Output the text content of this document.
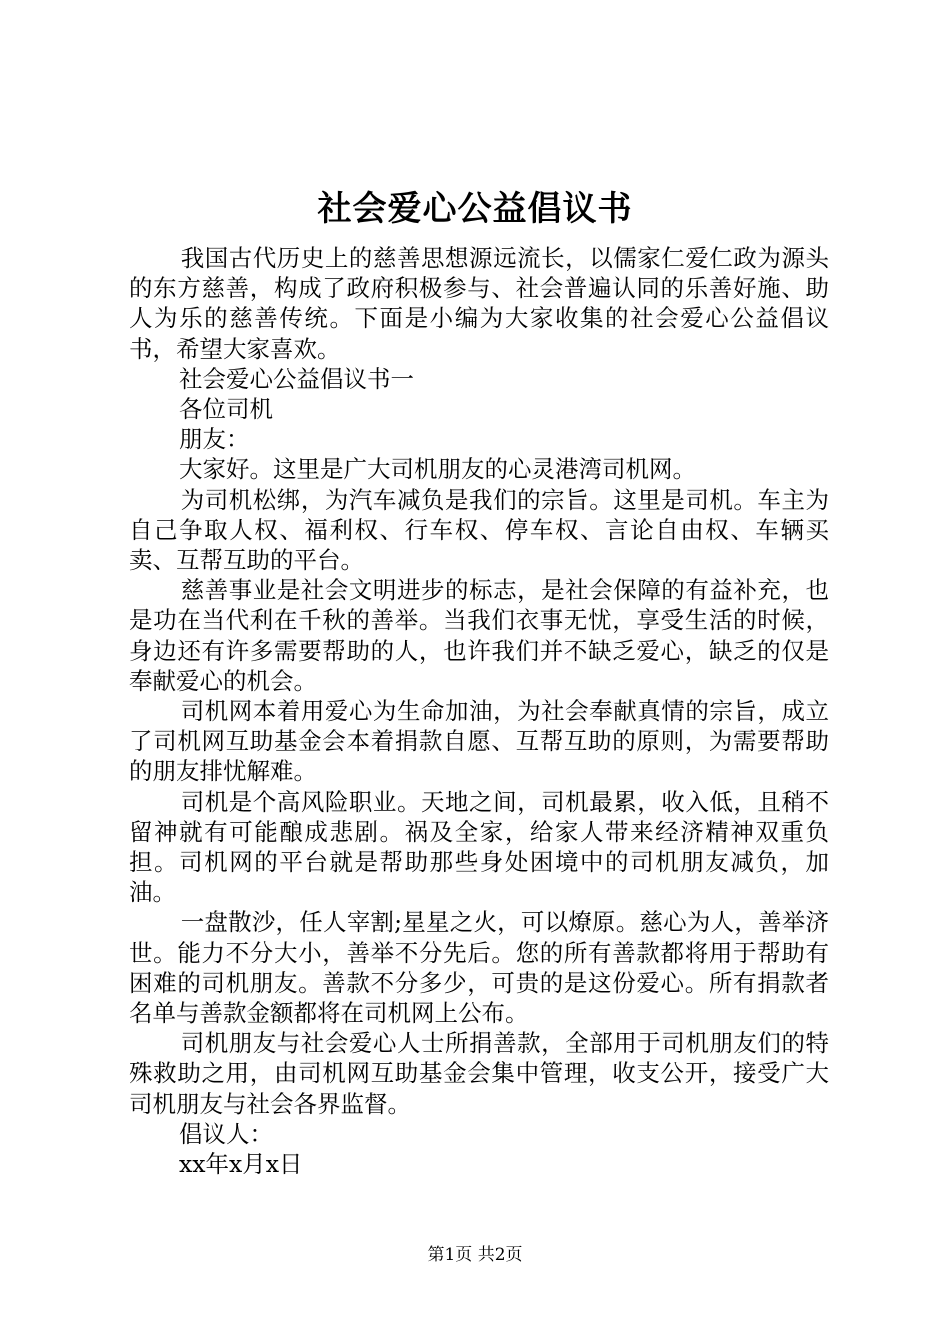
社会爱心公益倡议书

我国古代历史上的慈善思想源远流长，以儒家仁爱仁政为源头的东方慈善，构成了政府积极参与、社会普遍认同的乐善好施、助人为乐的慈善传统。下面是小编为大家收集的社会爱心公益倡议书，希望大家喜欢。

社会爱心公益倡议书一

各位司机

朋友：

大家好。这里是广大司机朋友的心灵港湾司机网。

为司机松绑，为汽车减负是我们的宗旨。这里是司机。车主为自己争取人权、福利权、行车权、停车权、言论自由权、车辆买卖、互帮互助的平台。

慈善事业是社会文明进步的标志，是社会保障的有益补充，也是功在当代利在千秋的善举。当我们衣事无忧，享受生活的时候，身边还有许多需要帮助的人，也许我们并不缺乏爱心，缺乏的仅是奉献爱心的机会。

司机网本着用爱心为生命加油，为社会奉献真情的宗旨，成立了司机网互助基金会本着捐款自愿、互帮互助的原则，为需要帮助的朋友排忧解难。

司机是个高风险职业。天地之间，司机最累，收入低，且稍不留神就有可能酿成悲剧。祸及全家，给家人带来经济精神双重负担。司机网的平台就是帮助那些身处困境中的司机朋友减负，加油。

一盘散沙，任人宰割;星星之火，可以燎原。慈心为人，善举济世。能力不分大小，善举不分先后。您的所有善款都将用于帮助有困难的司机朋友。善款不分多少，可贵的是这份爱心。所有捐款者名单与善款金额都将在司机网上公布。

司机朋友与社会爱心人士所捐善款，全部用于司机朋友们的特殊救助之用，由司机网互助基金会集中管理，收支公开，接受广大司机朋友与社会各界监督。

倡议人：

xx年x月x日

第1页 共2页
